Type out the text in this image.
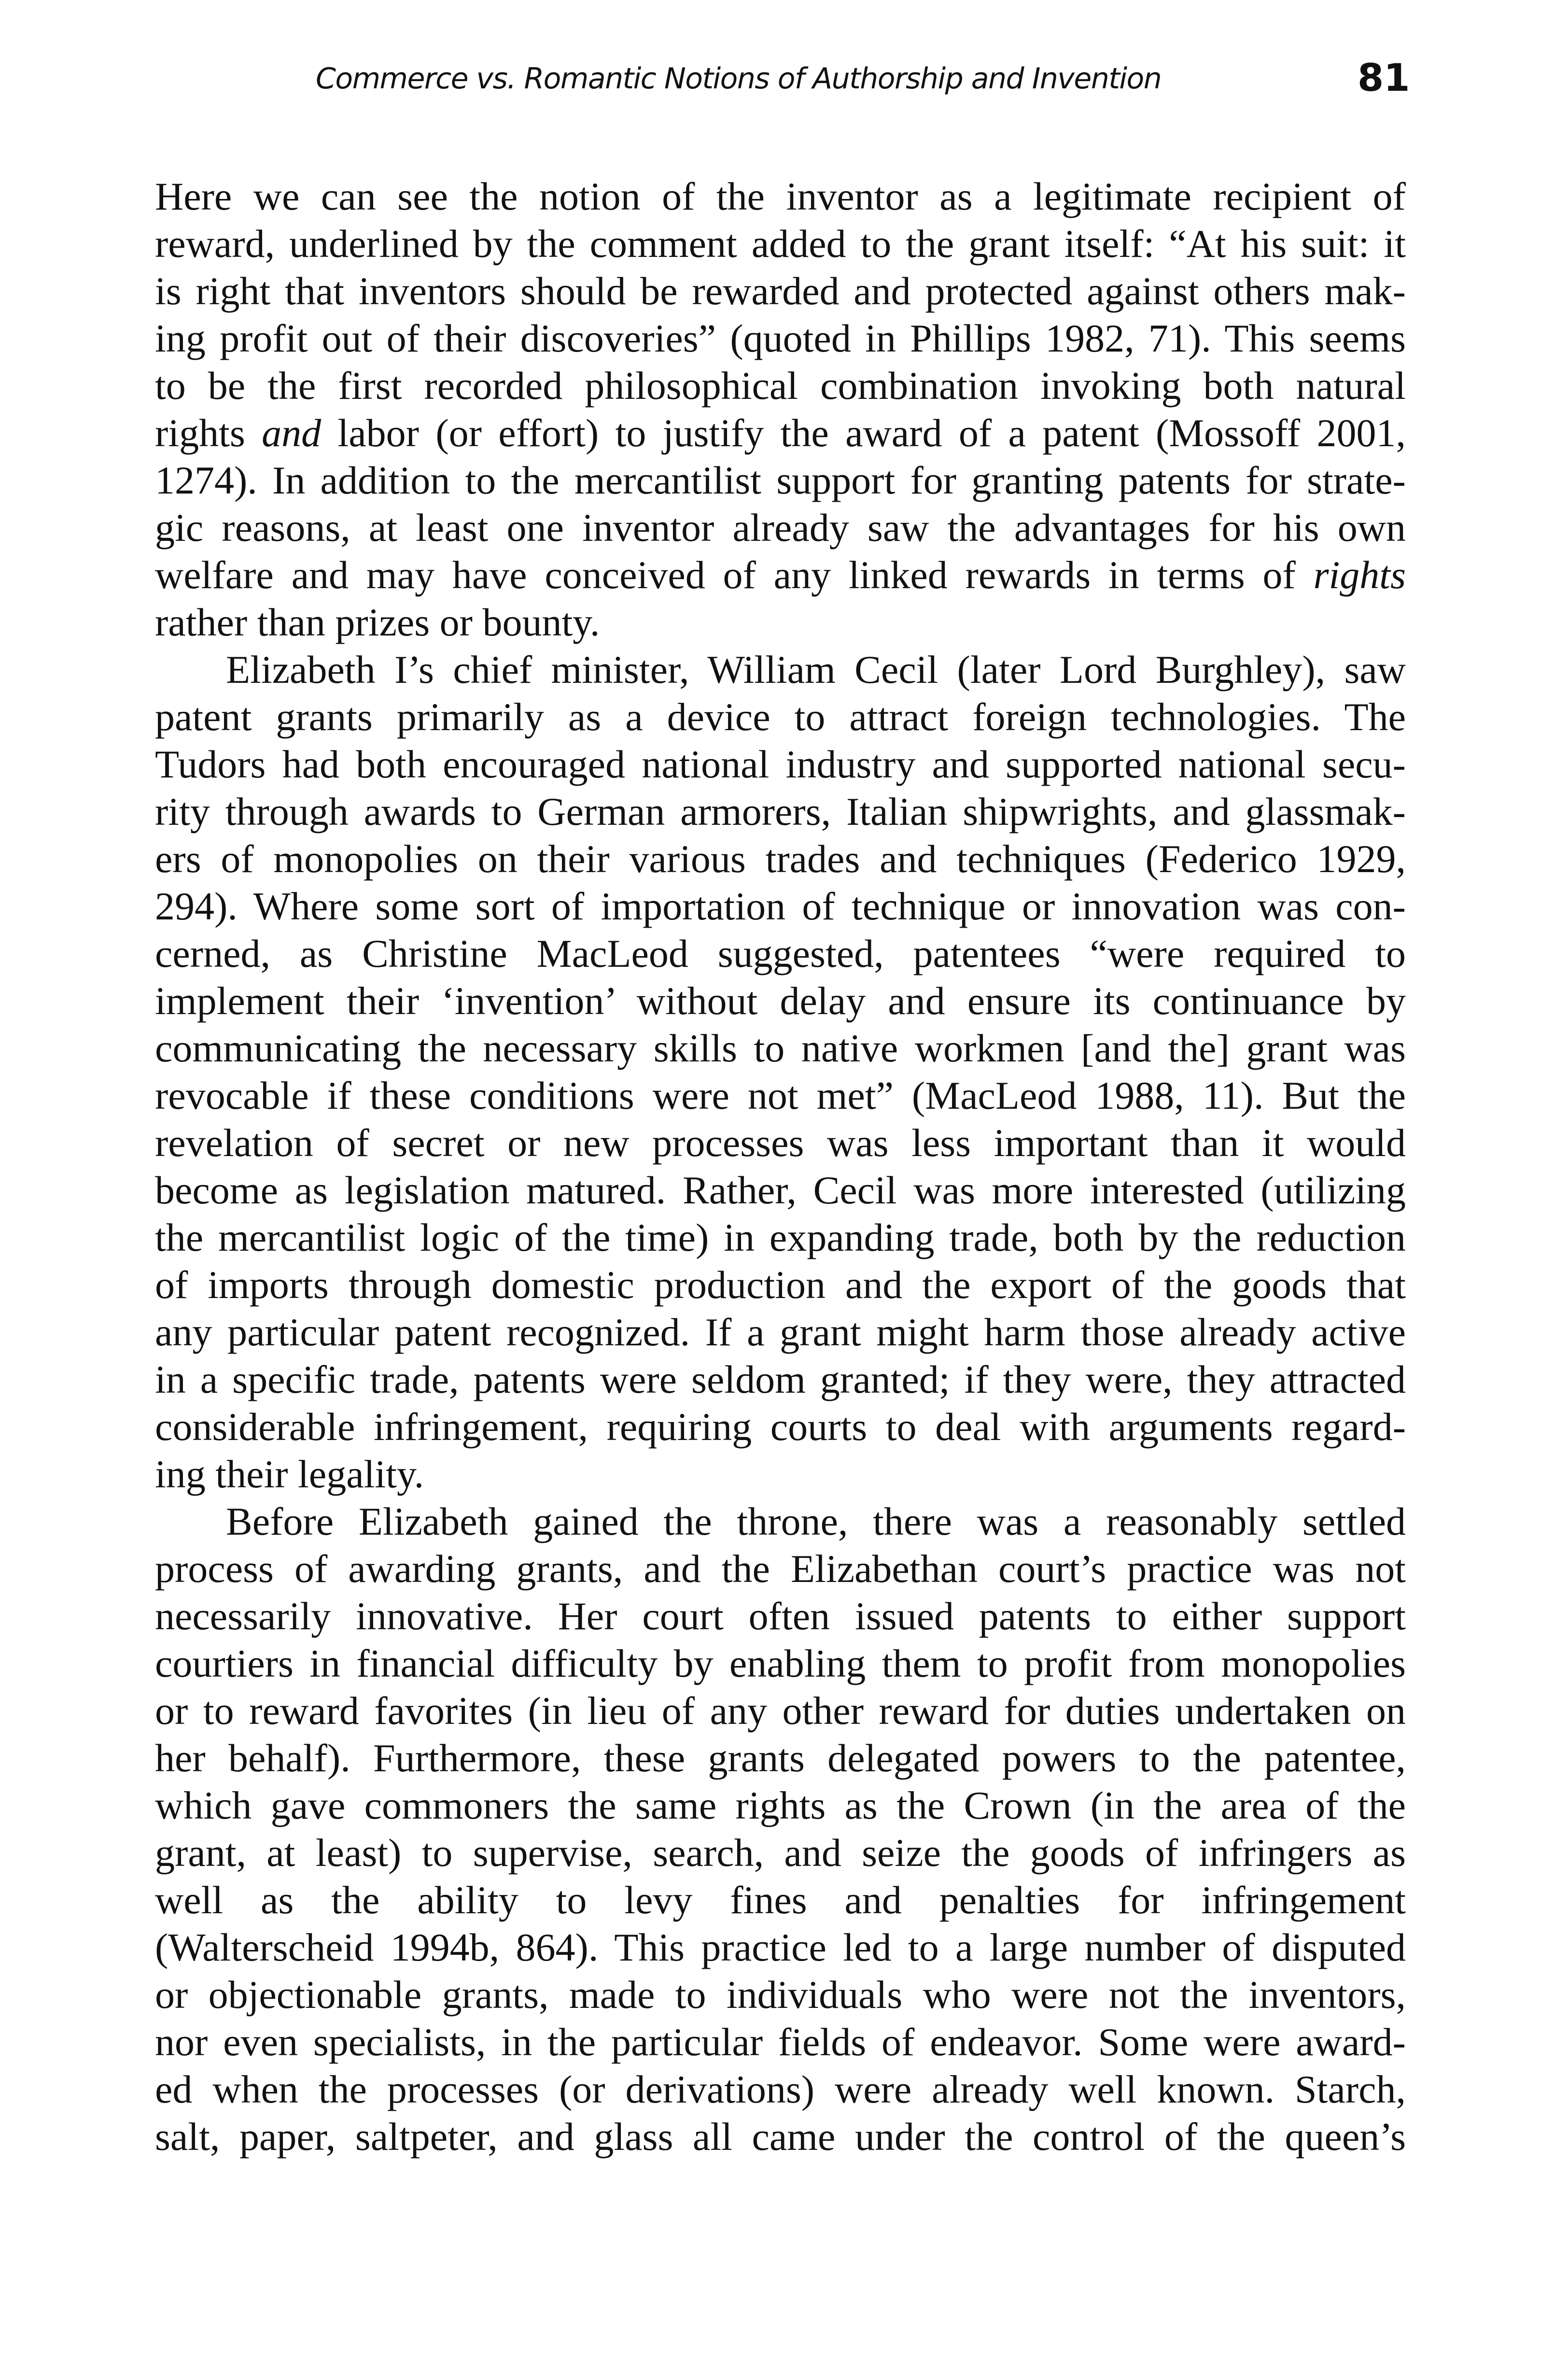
Commerce vs. Romantic Notions of Authorship and Invention	81
Here we can see the notion of the inventor as a legitimate recipient of
reward, underlined by the comment added to the grant itself: “At his suit: it
is right that inventors should be rewarded and protected against others mak-
ing profit out of their discoveries” (quoted in Phillips 1982, 71). This seems
to be the first recorded philosophical combination invoking both natural
rights and labor (or effort) to justify the award of a patent (Mossoff 2001,
1274). In addition to the mercantilist support for granting patents for strate-
gic reasons, at least one inventor already saw the advantages for his own
welfare and may have conceived of any linked rewards in terms of rights
rather than prizes or bounty.
Elizabeth I’s chief minister, William Cecil (later Lord Burghley), saw
patent grants primarily as a device to attract foreign technologies. The
Tudors had both encouraged national industry and supported national secu-
rity through awards to German armorers, Italian shipwrights, and glassmak-
ers of monopolies on their various trades and techniques (Federico 1929,
294). Where some sort of importation of technique or innovation was con-
cerned, as Christine MacLeod suggested, patentees “were required to
implement their ‘invention’ without delay and ensure its continuance by
communicating the necessary skills to native workmen [and the] grant was
revocable if these conditions were not met” (MacLeod 1988, 11). But the
revelation of secret or new processes was less important than it would
become as legislation matured. Rather, Cecil was more interested (utilizing
the mercantilist logic of the time) in expanding trade, both by the reduction
of imports through domestic production and the export of the goods that
any particular patent recognized. If a grant might harm those already active
in a specific trade, patents were seldom granted; if they were, they attracted
considerable infringement, requiring courts to deal with arguments regard-
ing their legality.
Before Elizabeth gained the throne, there was a reasonably settled
process of awarding grants, and the Elizabethan court’s practice was not
necessarily innovative. Her court often issued patents to either support
courtiers in financial difficulty by enabling them to profit from monopolies
or to reward favorites (in lieu of any other reward for duties undertaken on
her behalf). Furthermore, these grants delegated powers to the patentee,
which gave commoners the same rights as the Crown (in the area of the
grant, at least) to supervise, search, and seize the goods of infringers as
well as the ability to levy fines and penalties for infringement
(Walterscheid 1994b, 864). This practice led to a large number of disputed
or objectionable grants, made to individuals who were not the inventors,
nor even specialists, in the particular fields of endeavor. Some were award-
ed when the processes (or derivations) were already well known. Starch,
salt, paper, saltpeter, and glass all came under the control of the queen’s
